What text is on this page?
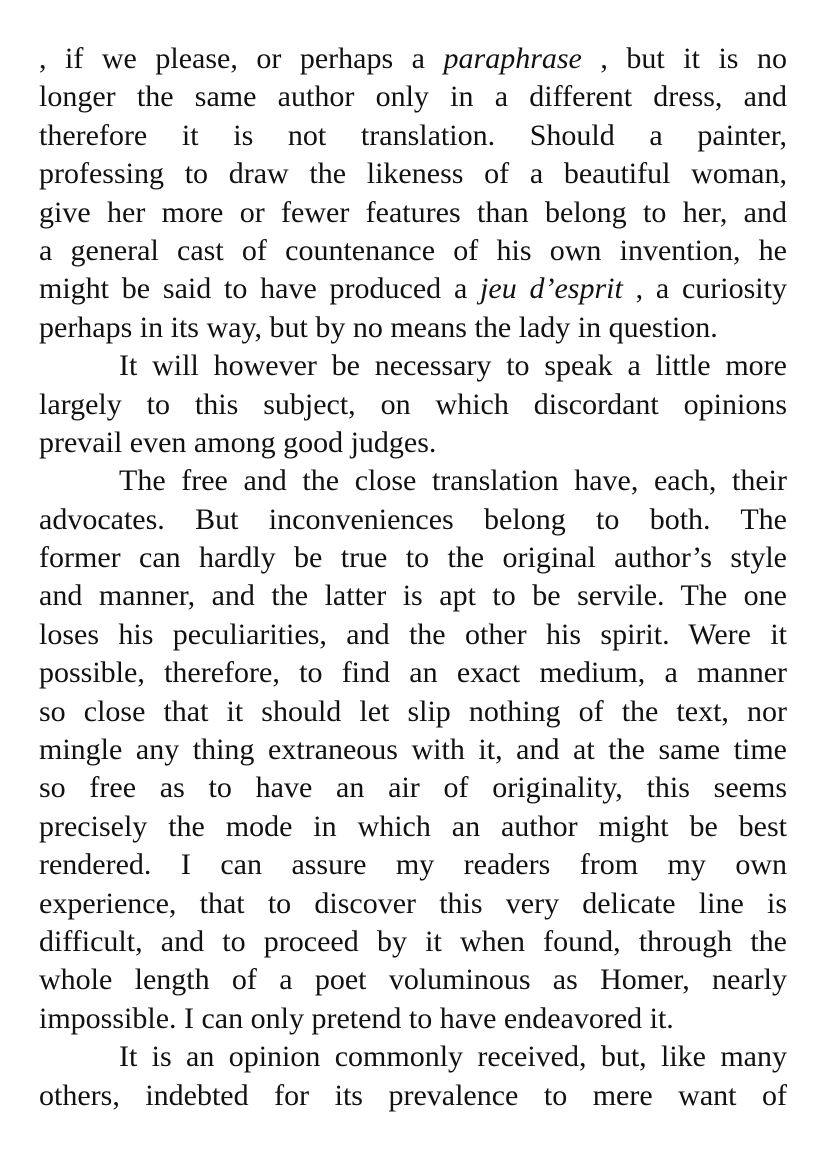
, if we please, or perhaps a paraphrase , but it is no
longer the same author only in a different dress, and
therefore it is not translation. Should a painter,
professing to draw the likeness of a beautiful woman,
give her more or fewer features than belong to her, and
a general cast of countenance of his own invention, he
might be said to have produced a jeu d’esprit , a curiosity
perhaps in its way, but by no means the lady in question.
It will however be necessary to speak a little more
largely to this subject, on which discordant opinions
prevail even among good judges.
The free and the close translation have, each, their
advocates. But inconveniences belong to both. The
former can hardly be true to the original author’s style
and manner, and the latter is apt to be servile. The one
loses his peculiarities, and the other his spirit. Were it
possible, therefore, to find an exact medium, a manner
so close that it should let slip nothing of the text, nor
mingle any thing extraneous with it, and at the same time
so free as to have an air of originality, this seems
precisely the mode in which an author might be best
rendered. I can assure my readers from my own
experience, that to discover this very delicate line is
difficult, and to proceed by it when found, through the
whole length of a poet voluminous as Homer, nearly
impossible. I can only pretend to have endeavored it.
It is an opinion commonly received, but, like many
others, indebted for its prevalence to mere want of
